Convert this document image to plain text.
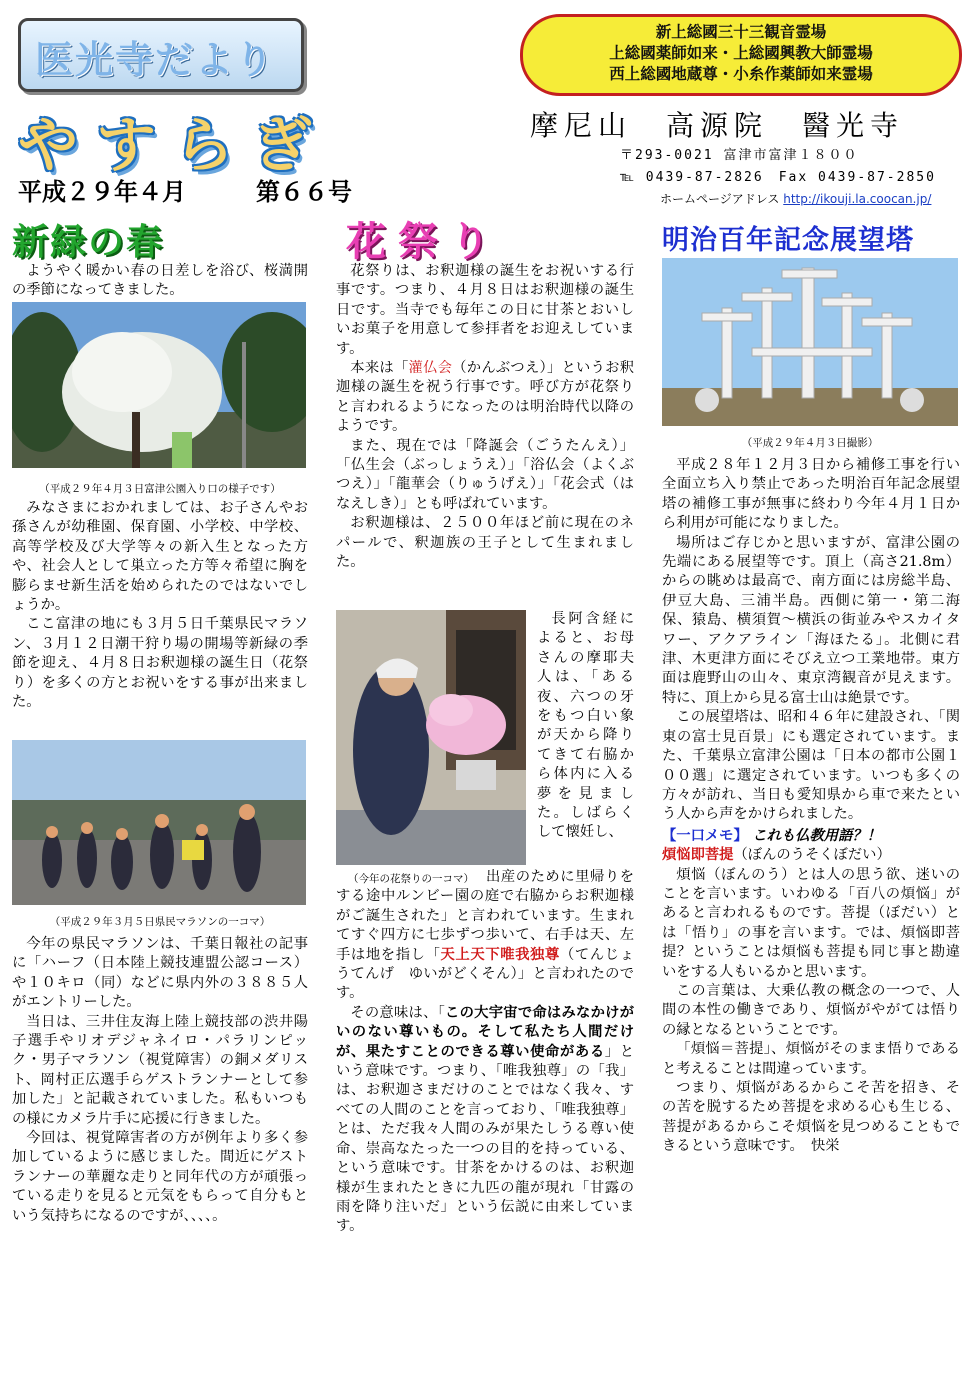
医光寺だより
やすらぎ
新上総國三十三観音霊場
上総國薬師如来・上総國興教大師霊場
西上総國地蔵尊・小糸作薬師如来霊場
摩尼山　高源院　醫光寺
〒293-0021 富津市富津１８００
℡ 0439-87-2826　Fax 0439-87-2850
ホームページアドレス http://ikouji.la.coocan.jp/
平成２９年４月	第６６号
新緑の春	花祭り	明治百年記念展望塔

ようやく暖かい春の日差しを浴び、桜満開の季節になってきました。

（平成２９年４月３日富津公園入り口の様子です）

みなさまにおかれましては、お子さんやお孫さんが幼稚園、保育園、小学校、中学校、高等学校及び大学等々の新入生となった方や、社会人として巣立った方等々希望に胸を膨らませ新生活を始められたのではないでしょうか。

ここ富津の地にも３月５日千葉県民マラソン、３月１２日潮干狩り場の開場等新緑の季節を迎え、４月８日お釈迦様の誕生日（花祭り）を多くの方とお祝いをする事が出来ました。

（平成２９年３月５日県民マラソンの一コマ）

今年の県民マラソンは、千葉日報社の記事に「ハーフ（日本陸上競技連盟公認コース）や１０キロ（同）などに県内外の３８８５人がエントリーした。

当日は、三井住友海上陸上競技部の渋井陽子選手やリオデジャネイロ・パラリンピック・男子マラソン（視覚障害）の銅メダリスト、岡村正広選手らゲストランナーとして参加した」と記載されていました。私もいつもの様にカメラ片手に応援に行きました。

今回は、視覚障害者の方が例年より多く参加しているように感じました。間近にゲストランナーの華麗な走りと同年代の方が頑張っている走りを見ると元気をもらって自分もという気持ちになるのですが、、、、。

花祭りは、お釈迦様の誕生をお祝いする行事です。つまり、４月８日はお釈迦様の誕生日です。当寺でも毎年この日に甘茶とおいしいお菓子を用意して参拝者をお迎えしています。

本来は「灌仏会（かんぶつえ）」というお釈迦様の誕生を祝う行事です。呼び方が花祭りと言われるようになったのは明治時代以降のようです。

また、現在では「降誕会（ごうたんえ）」「仏生会（ぶっしょうえ）」「浴仏会（よくぶつえ）」「龍華会（りゅうげえ）」「花会式（はなえしき）」とも呼ばれています。

お釈迦様は、２５００年ほど前に現在のネパールで、釈迦族の王子として生まれました。

長阿含経によると、お母さんの摩耶夫人は、「ある夜、六つの牙をもつ白い象が天から降りてきて右脇から体内に入る夢を見ました。しばらくして懐妊し、

（今年の花祭りの一コマ） 出産のために里帰りをする途中ルンビー園の庭で右脇からお釈迦様がご誕生された」と言われています。生まれてすぐ四方に七歩ずつ歩いて、右手は天、左手は地を指し「天上天下唯我独尊（てんじょうてんげ　ゆいがどくそん）」と言われたのです。

その意味は、「この大宇宙で命はみなかけがいのない尊いもの。そして私たち人間だけが、果たすことのできる尊い使命がある」という意味です。つまり、「唯我独尊」の「我」は、お釈迦さまだけのことではなく我々、すべての人間のことを言っており、「唯我独尊」とは、ただ我々人間のみが果たしうる尊い使命、崇高なたった一つの目的を持っている、という意味です。甘茶をかけるのは、お釈迦様が生まれたときに九匹の龍が現れ「甘露の雨を降り注いだ」という伝説に由来しています。

（平成２９年４月３日撮影）

平成２８年１２月３日から補修工事を行い全面立ち入り禁止であった明治百年記念展望塔の補修工事が無事に終わり今年４月１日から利用が可能になりました。

場所はご存じかと思いますが、富津公園の先端にある展望等です。頂上（高さ21.8m）からの眺めは最高で、南方面には房総半島、伊豆大島、三浦半島。西側に第一・第二海保、猿島、横須賀～横浜の街並みやスカイタワー、アクアライン「海ほたる」。北側に君津、木更津方面にそびえ立つ工業地帯。東方面は鹿野山の山々、東京湾観音が見えます。特に、頂上から見る富士山は絶景です。

この展望塔は、昭和４６年に建設され、「関東の富士見百景」にも選定されています。また、千葉県立富津公園は「日本の都市公園１００選」に選定されています。いつも多くの方々が訪れ、当日も愛知県から車で来たという人から声をかけられました。

【一口メモ】 これも仏教用語？！
煩悩即菩提（ぼんのうそくぼだい）

煩悩（ぼんのう）とは人の思う欲、迷いのことを言います。いわゆる「百八の煩悩」があると言われるものです。菩提（ぼだい）とは「悟り」の事を言います。では、煩悩即菩提？ということは煩悩も菩提も同じ事と勘違いをする人もいるかと思います。

この言葉は、大乗仏教の概念の一つで、人間の本性の働きであり、煩悩がやがては悟りの縁となるということです。

「煩悩＝菩提」、煩悩がそのまま悟りであると考えることは間違っています。

つまり、煩悩があるからこそ苦を招き、その苦を脱するため菩提を求める心も生じる、菩提があるからこそ煩悩を見つめることもできるという意味です。　快栄
